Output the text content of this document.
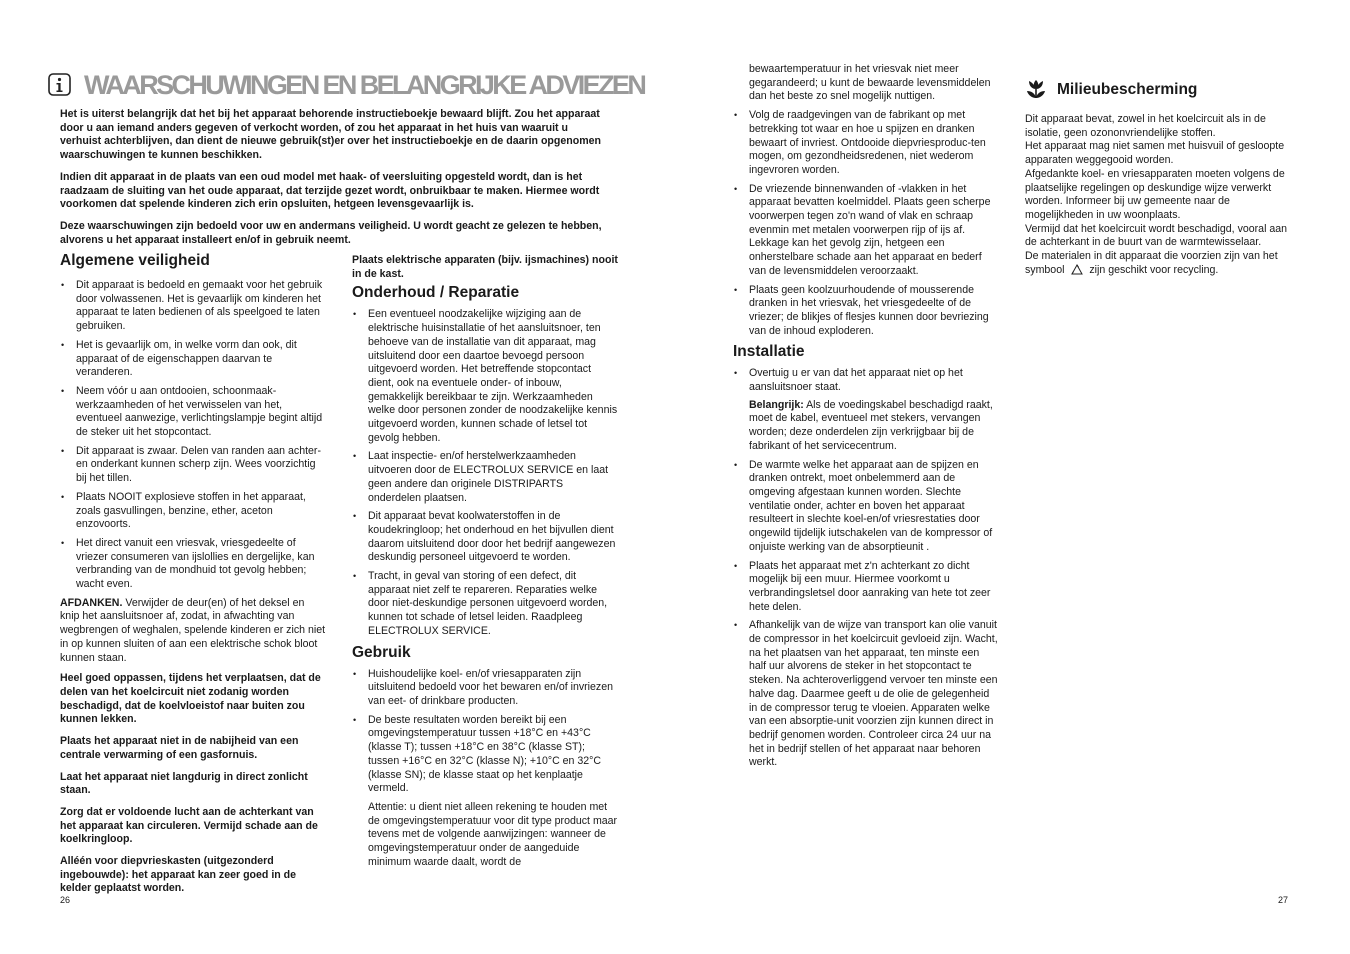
WAARSCHUWINGEN EN BELANGRIJKE ADVIEZEN

Het is uiterst belangrijk dat het bij het apparaat behorende instructieboekje bewaard blijft. Zou het apparaat door u aan iemand anders gegeven of verkocht worden, of zou het apparaat in het huis van waaruit u verhuist achterblijven, dan dient de nieuwe gebruik(st)er over het instructieboekje en de daarin opgenomen waarschuwingen te kunnen beschikken.

Indien dit apparaat in de plaats van een oud model met haak- of veersluiting opgesteld wordt, dan is het raadzaam de sluiting van het oude apparaat, dat terzijde gezet wordt, onbruikbaar te maken. Hiermee wordt voorkomen dat spelende kinderen zich erin opsluiten, hetgeen levensgevaarlijk is.

Deze waarschuwingen zijn bedoeld voor uw en andermans veiligheid. U wordt geacht ze gelezen te hebben, alvorens u het apparaat installeert en/of in gebruik neemt.

Algemene veiligheid
• Dit apparaat is bedoeld en gemaakt voor het gebruik door volwassenen. Het is gevaarlijk om kinderen het apparaat te laten bedienen of als speelgoed te laten gebruiken.
• Het is gevaarlijk om, in welke vorm dan ook, dit apparaat of de eigenschappen daarvan te veranderen.
• Neem vóór u aan ontdooien, schoonmaak-werkzaamheden of het verwisselen van het, eventueel aanwezige, verlichtingslampje begint altijd de steker uit het stopcontact.
• Dit apparaat is zwaar. Delen van randen aan achter- en onderkant kunnen scherp zijn. Wees voorzichtig bij het tillen.
• Plaats NOOIT explosieve stoffen in het apparaat, zoals gasvullingen, benzine, ether, aceton enzovoorts.
• Het direct vanuit een vriesvak, vriesgedeelte of vriezer consumeren van ijslollies en dergelijke, kan verbranding van de mondhuid tot gevolg hebben; wacht even.

AFDANKEN. Verwijder de deur(en) of het deksel en knip het aansluitsnoer af, zodat, in afwachting van wegbrengen of weghalen, spelende kinderen er zich niet in op kunnen sluiten of aan een elektrische schok bloot kunnen staan.

Heel goed oppassen, tijdens het verplaatsen, dat de delen van het koelcircuit niet zodanig worden beschadigd, dat de koelvloeistof naar buiten zou kunnen lekken.

Plaats het apparaat niet in de nabijheid van een centrale verwarming of een gasfornuis.

Laat het apparaat niet langdurig in direct zonlicht staan.

Zorg dat er voldoende lucht aan de achterkant van het apparaat kan circuleren. Vermijd schade aan de koelkringloop.

Alléén voor diepvrieskasten (uitgezonderd ingebouwde): het apparaat kan zeer goed in de kelder geplaatst worden.

Plaats elektrische apparaten (bijv. ijsmachines) nooit in de kast.

Onderhoud / Reparatie
• Een eventueel noodzakelijke wijziging aan de elektrische huisinstallatie of het aansluitsnoer, ten behoeve van de installatie van dit apparaat, mag uitsluitend door een daartoe bevoegd persoon uitgevoerd worden. Het betreffende stopcontact dient, ook na eventuele onder- of inbouw, gemakkelijk bereikbaar te zijn. Werkzaamheden welke door personen zonder de noodzakelijke kennis uitgevoerd worden, kunnen schade of letsel tot gevolg hebben.
• Laat inspectie- en/of herstelwerkzaamheden uitvoeren door de ELECTROLUX SERVICE en laat geen andere dan originele DISTRIPARTS onderdelen plaatsen.
• Dit apparaat bevat koolwaterstoffen in de koudekringloop; het onderhoud en het bijvullen dient daarom uitsluitend door door het bedrijf aangewezen deskundig personeel uitgevoerd te worden.
• Tracht, in geval van storing of een defect, dit apparaat niet zelf te repareren. Reparaties welke door niet-deskundige personen uitgevoerd worden, kunnen tot schade of letsel leiden. Raadpleeg ELECTROLUX SERVICE.
Gebruik
• Huishoudelijke koel- en/of vriesapparaten zijn uitsluitend bedoeld voor het bewaren en/of invriezen van eet- of drinkbare producten.
• De beste resultaten worden bereikt bij een omgevingstemperatuur tussen +18°C en +43°C (klasse T); tussen +18°C en 38°C (klasse ST); tussen +16°C en 32°C (klasse N); +10°C en 32°C (klasse SN); de klasse staat op het kenplaatje vermeld.

Attentie: u dient niet alleen rekening te houden met de omgevingstemperatuur voor dit type product maar tevens met de volgende aanwijzingen: wanneer de omgevingstemperatuur onder de aangeduide minimum waarde daalt, wordt de

bewaartemperatuur in het vriesvak niet meer gegarandeerd; u kunt de bewaarde levensmiddelen dan het beste zo snel mogelijk nuttigen.

• Volg de raadgevingen van de fabrikant op met betrekking tot waar en hoe u spijzen en dranken bewaart of invriest. Ontdooide diepvriesproduc-ten mogen, om gezondheidsredenen, niet wederom ingevroren worden.
• De vriezende binnenwanden of -vlakken in het apparaat bevatten koelmiddel. Plaats geen scherpe voorwerpen tegen zo'n wand of vlak en schraap evenmin met metalen voorwerpen rijp of ijs af. Lekkage kan het gevolg zijn, hetgeen een onherstelbare schade aan het apparaat en bederf van de levensmiddelen veroorzaakt.
• Plaats geen koolzuurhoudende of mousserende dranken in het vriesvak, het vriesgedeelte of de vriezer; de blikjes of flesjes kunnen door bevriezing van de inhoud exploderen.
Installatie
• Overtuig u er van dat het apparaat niet op het aansluitsnoer staat.

Belangrijk: Als de voedingskabel beschadigd raakt, moet de kabel, eventueel met stekers, vervangen worden; deze onderdelen zijn verkrijgbaar bij de fabrikant of het servicecentrum.

• De warmte welke het apparaat aan de spijzen en dranken ontrekt, moet onbelemmerd aan de omgeving afgestaan kunnen worden. Slechte ventilatie onder, achter en boven het apparaat resulteert in slechte koel-en/of vriesrestaties door ongewild tijdelijk iutschakelen van de kompressor of onjuiste werking van de absorptieunit .
• Plaats het apparaat met z'n achterkant zo dicht mogelijk bij een muur. Hiermee voorkomt u verbrandingsletsel door aanraking van hete tot zeer hete delen.
• Afhankelijk van de wijze van transport kan olie vanuit de compressor in het koelcircuit gevloeid zijn. Wacht, na het plaatsen van het apparaat, ten minste een half uur alvorens de steker in het stopcontact te steken. Na achteroverliggend vervoer ten minste een halve dag. Daarmee geeft u de olie de gelegenheid in de compressor terug te vloeien. Apparaten welke van een absorptie-unit voorzien zijn kunnen direct in bedrijf genomen worden. Controleer circa 24 uur na het in bedrijf stellen of het apparaat naar behoren werkt.
Milieubescherming

Dit apparaat bevat, zowel in het koelcircuit als in de isolatie, geen ozononvriendelijke stoffen.

Het apparaat mag niet samen met huisvuil of gesloopte apparaten weggegooid worden.

Afgedankte koel- en vriesapparaten moeten volgens de plaatselijke regelingen op deskundige wijze verwerkt worden. Informeer bij uw gemeente naar de mogelijkheden in uw woonplaats.

Vermijd dat het koelcircuit wordt beschadigd, vooral aan de achterkant in de buurt van de warmtewisselaar.

De materialen in dit apparaat die voorzien zijn van het symbool zijn geschikt voor recycling.

26	27
